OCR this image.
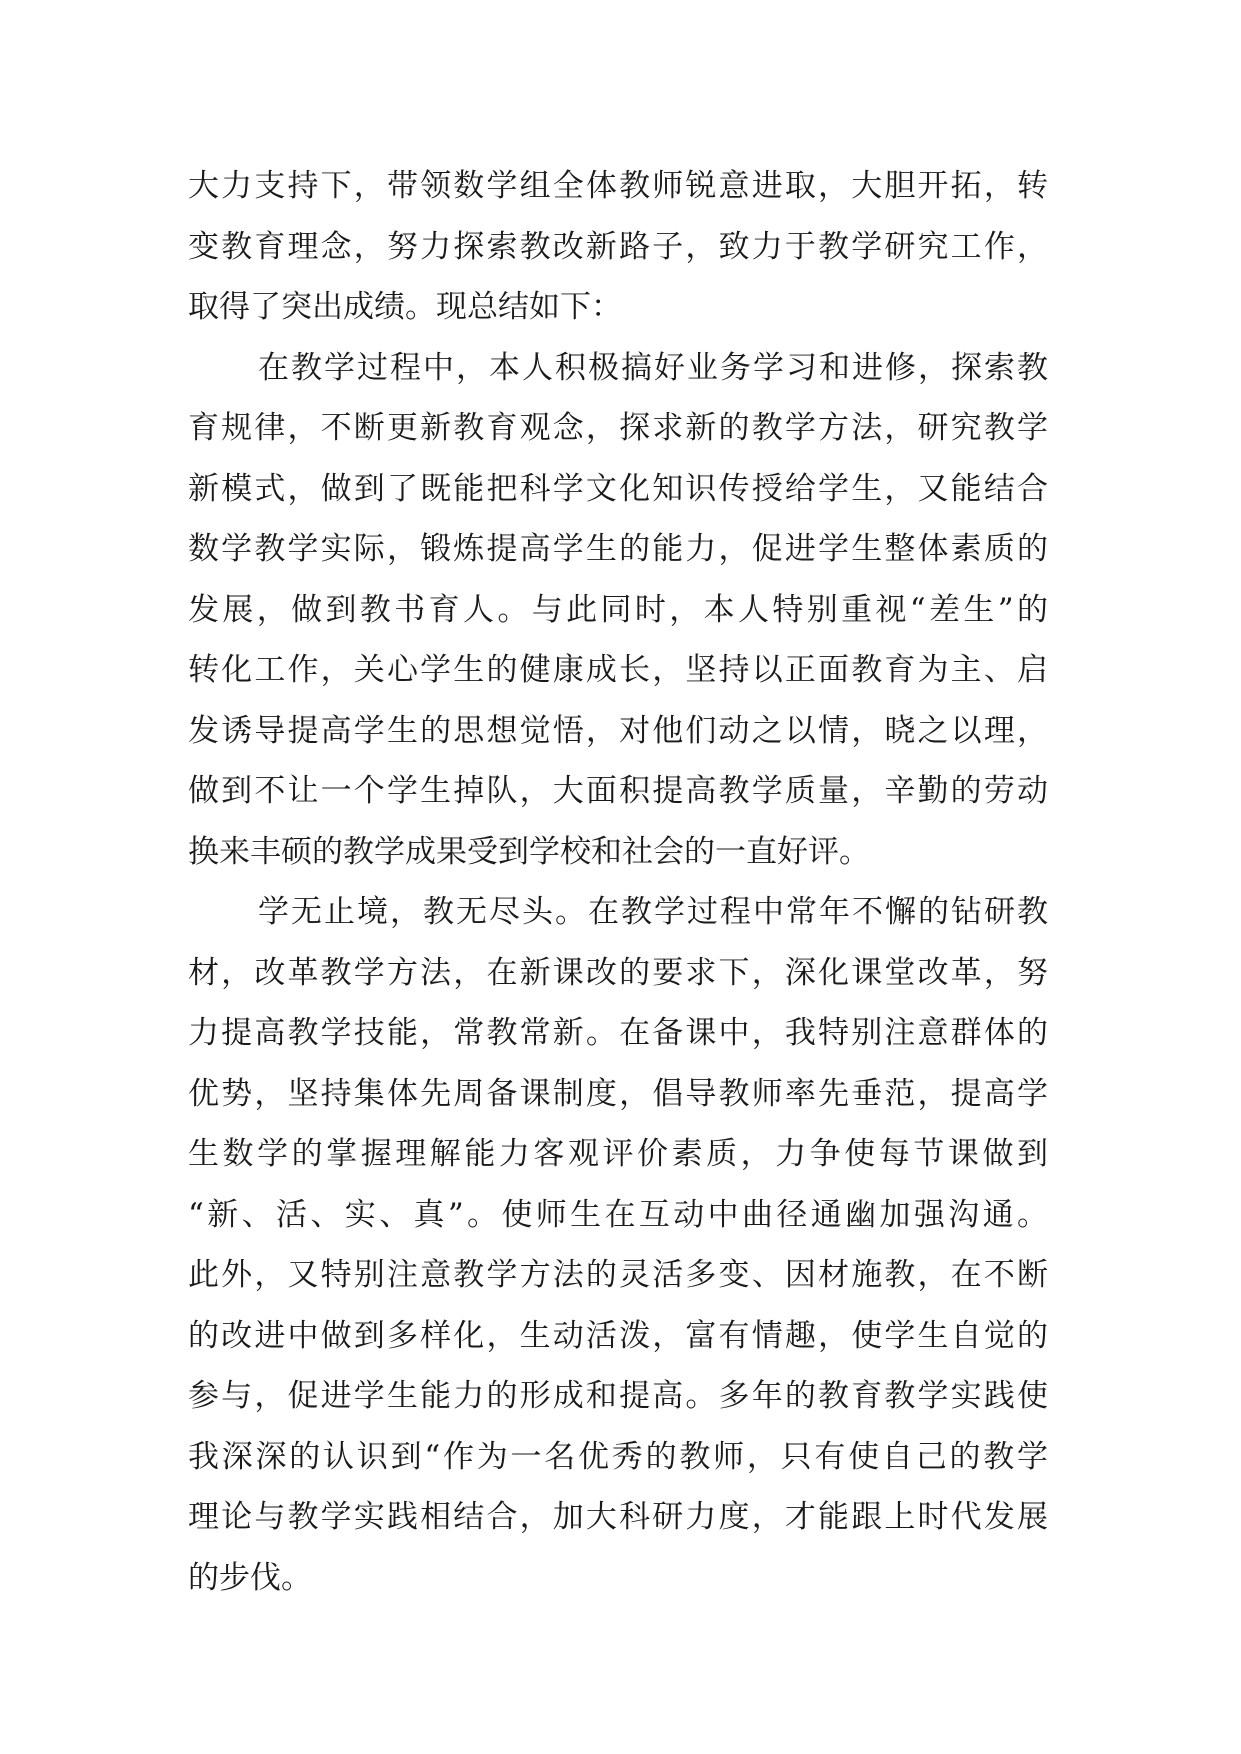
大力支持下，带领数学组全体教师锐意进取，大胆开拓，转
变教育理念，努力探索教改新路子，致力于教学研究工作，
取得了突出成绩。现总结如下：
在教学过程中，本人积极搞好业务学习和进修，探索教
育规律，不断更新教育观念，探求新的教学方法，研究教学
新模式，做到了既能把科学文化知识传授给学生，又能结合
数学教学实际，锻炼提高学生的能力，促进学生整体素质的
发展，做到教书育人。与此同时，本人特别重视“差生”的
转化工作，关心学生的健康成长，坚持以正面教育为主、启
发诱导提高学生的思想觉悟，对他们动之以情，晓之以理，
做到不让一个学生掉队，大面积提高教学质量，辛勤的劳动
换来丰硕的教学成果受到学校和社会的一直好评。
学无止境，教无尽头。在教学过程中常年不懈的钻研教
材，改革教学方法，在新课改的要求下，深化课堂改革，努
力提高教学技能，常教常新。在备课中，我特别注意群体的
优势，坚持集体先周备课制度，倡导教师率先垂范，提高学
生数学的掌握理解能力客观评价素质，力争使每节课做到
“新、活、实、真”。使师生在互动中曲径通幽加强沟通。
此外，又特别注意教学方法的灵活多变、因材施教，在不断
的改进中做到多样化，生动活泼，富有情趣，使学生自觉的
参与，促进学生能力的形成和提高。多年的教育教学实践使
我深深的认识到“作为一名优秀的教师，只有使自己的教学
理论与教学实践相结合，加大科研力度，才能跟上时代发展
的步伐。
